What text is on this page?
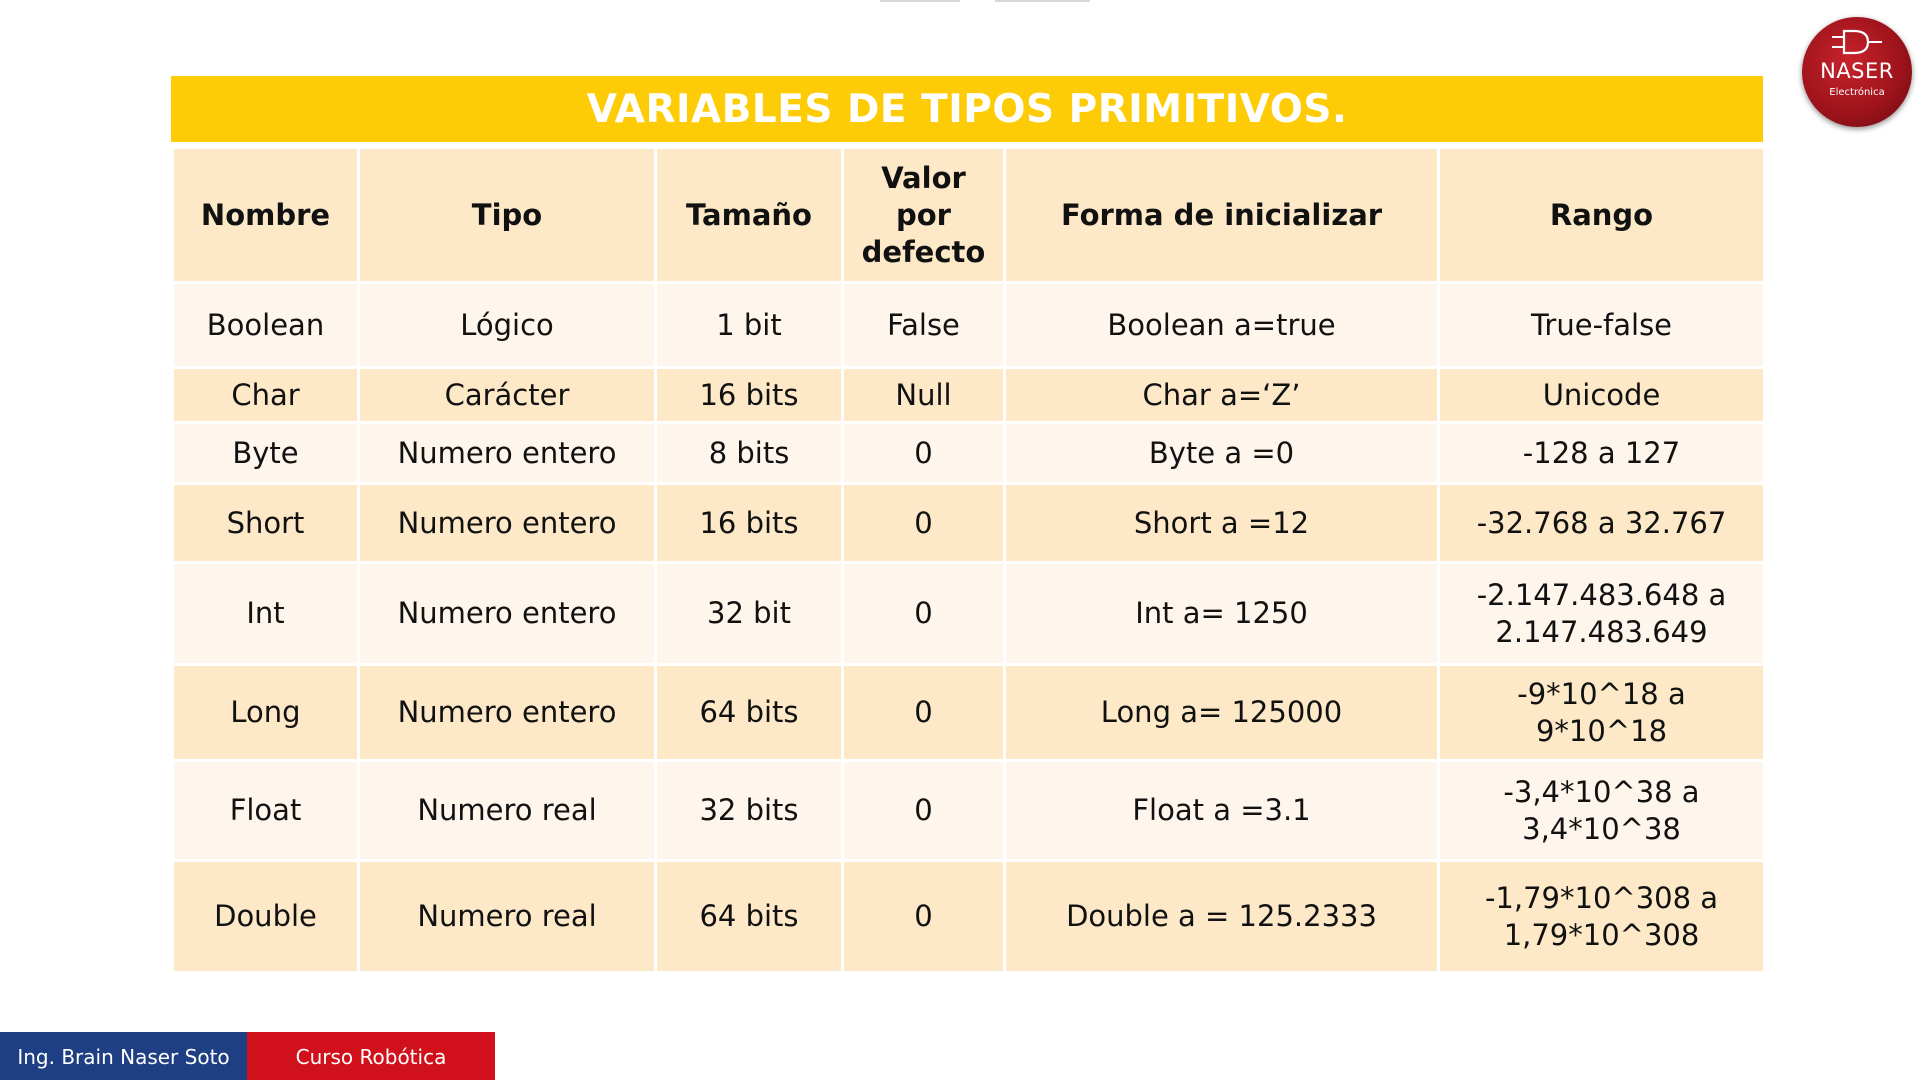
VARIABLES DE TIPOS PRIMITIVOS.
Nombre	Tipo	Tamaño	Valor por defecto	Forma de inicializar	Rango
Boolean	Lógico	1 bit	False	Boolean a=true	True-false
Char	Carácter	16 bits	Null	Char a=‘Z’	Unicode
Byte	Numero entero	8 bits	0	Byte a =0	-128 a 127
Short	Numero entero	16 bits	0	Short a =12	-32.768 a 32.767
Int	Numero entero	32 bit	0	Int a= 1250	-2.147.483.648 a 2.147.483.649
Long	Numero entero	64 bits	0	Long a= 125000	-9*10^18 a 9*10^18
Float	Numero real	32 bits	0	Float a =3.1	-3,4*10^38 a 3,4*10^38
Double	Numero real	64 bits	0	Double a = 125.2333	-1,79*10^308 a 1,79*10^308
NASER
Electrónica
Ing. Brain Naser Soto	Curso Robótica
